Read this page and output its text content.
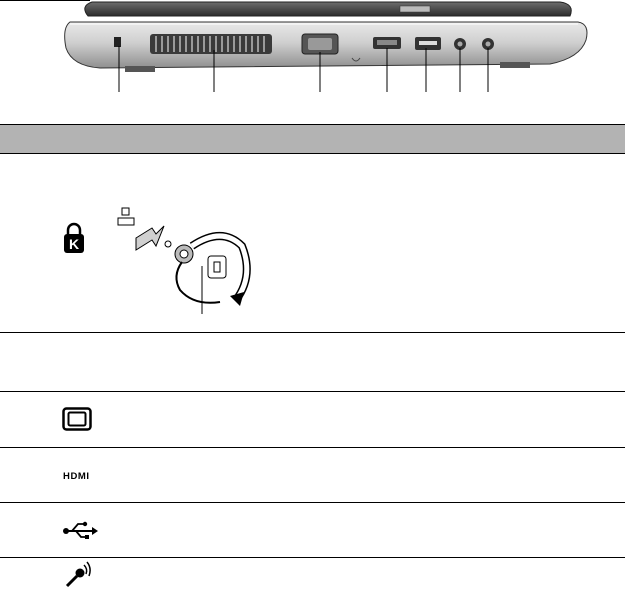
K
HDMI
